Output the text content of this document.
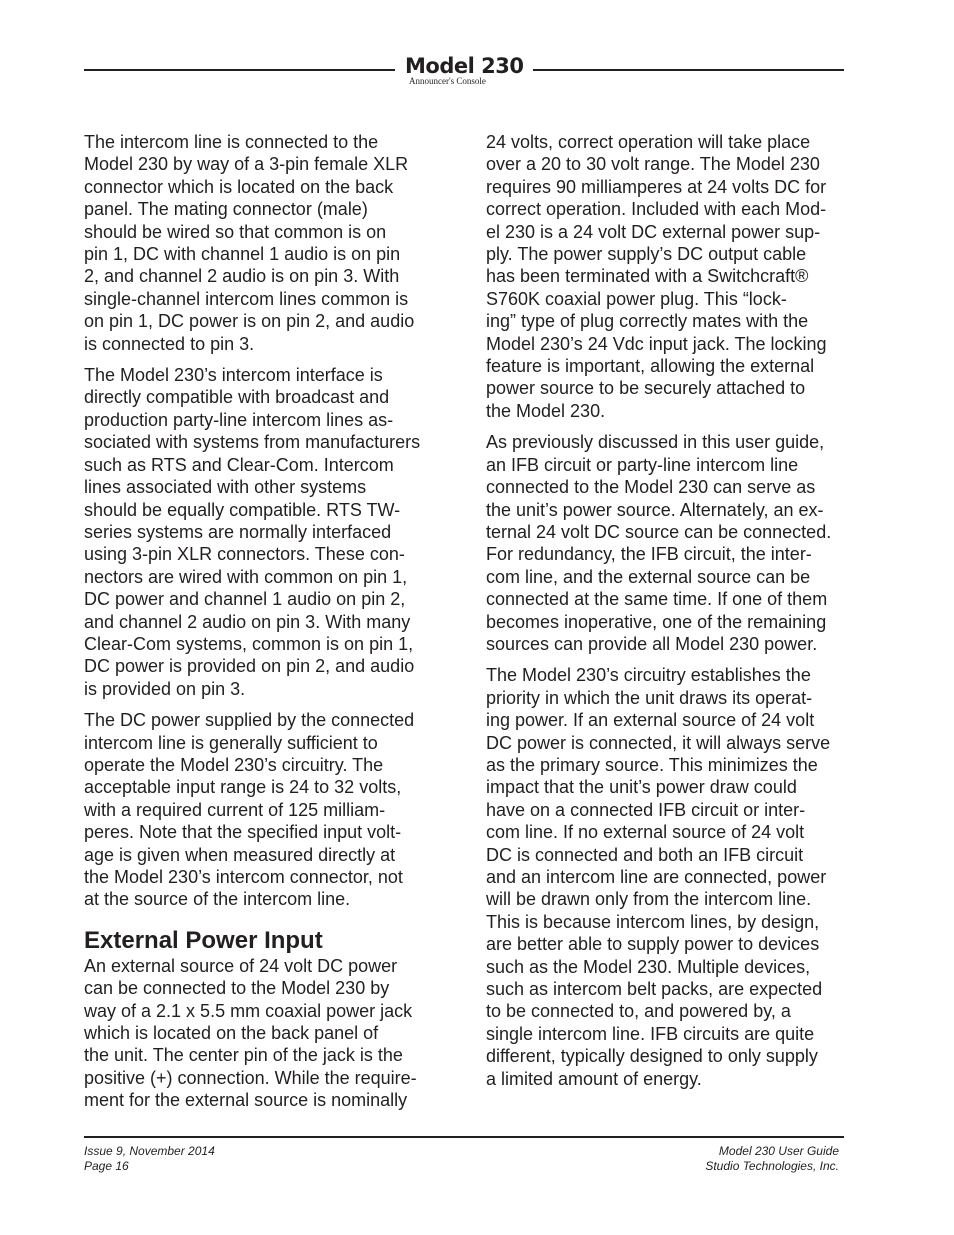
Model 230
Announcer's Console

The intercom line is connected to the
Model 230 by way of a 3-pin female XLR
connector which is located on the back
panel. The mating connector (male)
should be wired so that common is on
pin 1, DC with channel 1 audio is on pin
2, and channel 2 audio is on pin 3. With
single-channel intercom lines common is
on pin 1, DC power is on pin 2, and audio
is connected to pin 3.

The Model 230’s intercom interface is
directly compatible with broadcast and
production party-line intercom lines as-
sociated with systems from manufacturers
such as RTS and Clear-Com. Intercom
lines associated with other systems
should be equally compatible. RTS TW-
series systems are normally interfaced
using 3-pin XLR connectors. These con-
nectors are wired with common on pin 1,
DC power and channel 1 audio on pin 2,
and channel 2 audio on pin 3. With many
Clear-Com systems, common is on pin 1,
DC power is provided on pin 2, and audio
is provided on pin 3.

The DC power supplied by the connected
intercom line is generally sufficient to
operate the Model 230’s circuitry. The
acceptable input range is 24 to 32 volts,
with a required current of 125 milliam-
peres. Note that the specified input volt-
age is given when measured directly at
the Model 230’s intercom connector, not
at the source of the intercom line.

External Power Input

An external source of 24 volt DC power
can be connected to the Model 230 by
way of a 2.1 x 5.5 mm coaxial power jack
which is located on the back panel of
the unit. The center pin of the jack is the
positive (+) connection. While the require-
ment for the external source is nominally

24 volts, correct operation will take place
over a 20 to 30 volt range. The Model 230
requires 90 milliamperes at 24 volts DC for
correct operation. Included with each Mod-
el 230 is a 24 volt DC external power sup-
ply. The power supply’s DC output cable
has been terminated with a Switchcraft®
S760K coaxial power plug. This “lock-
ing” type of plug correctly mates with the
Model 230’s 24 Vdc input jack. The locking
feature is important, allowing the external
power source to be securely attached to
the Model 230.

As previously discussed in this user guide,
an IFB circuit or party-line intercom line
connected to the Model 230 can serve as
the unit’s power source. Alternately, an ex-
ternal 24 volt DC source can be connected.
For redundancy, the IFB circuit, the inter-
com line, and the external source can be
connected at the same time. If one of them
becomes inoperative, one of the remaining
sources can provide all Model 230 power.

The Model 230’s circuitry establishes the
priority in which the unit draws its operat-
ing power. If an external source of 24 volt
DC power is connected, it will always serve
as the primary source. This minimizes the
impact that the unit’s power draw could
have on a connected IFB circuit or inter-
com line. If no external source of 24 volt
DC is connected and both an IFB circuit
and an intercom line are connected, power
will be drawn only from the intercom line.
This is because intercom lines, by design,
are better able to supply power to devices
such as the Model 230. Multiple devices,
such as intercom belt packs, are expected
to be connected to, and powered by, a
single intercom line. IFB circuits are quite
different, typically designed to only supply
a limited amount of energy.

Issue 9, November 2014
Page 16
Model 230 User Guide
Studio Technologies, Inc.
